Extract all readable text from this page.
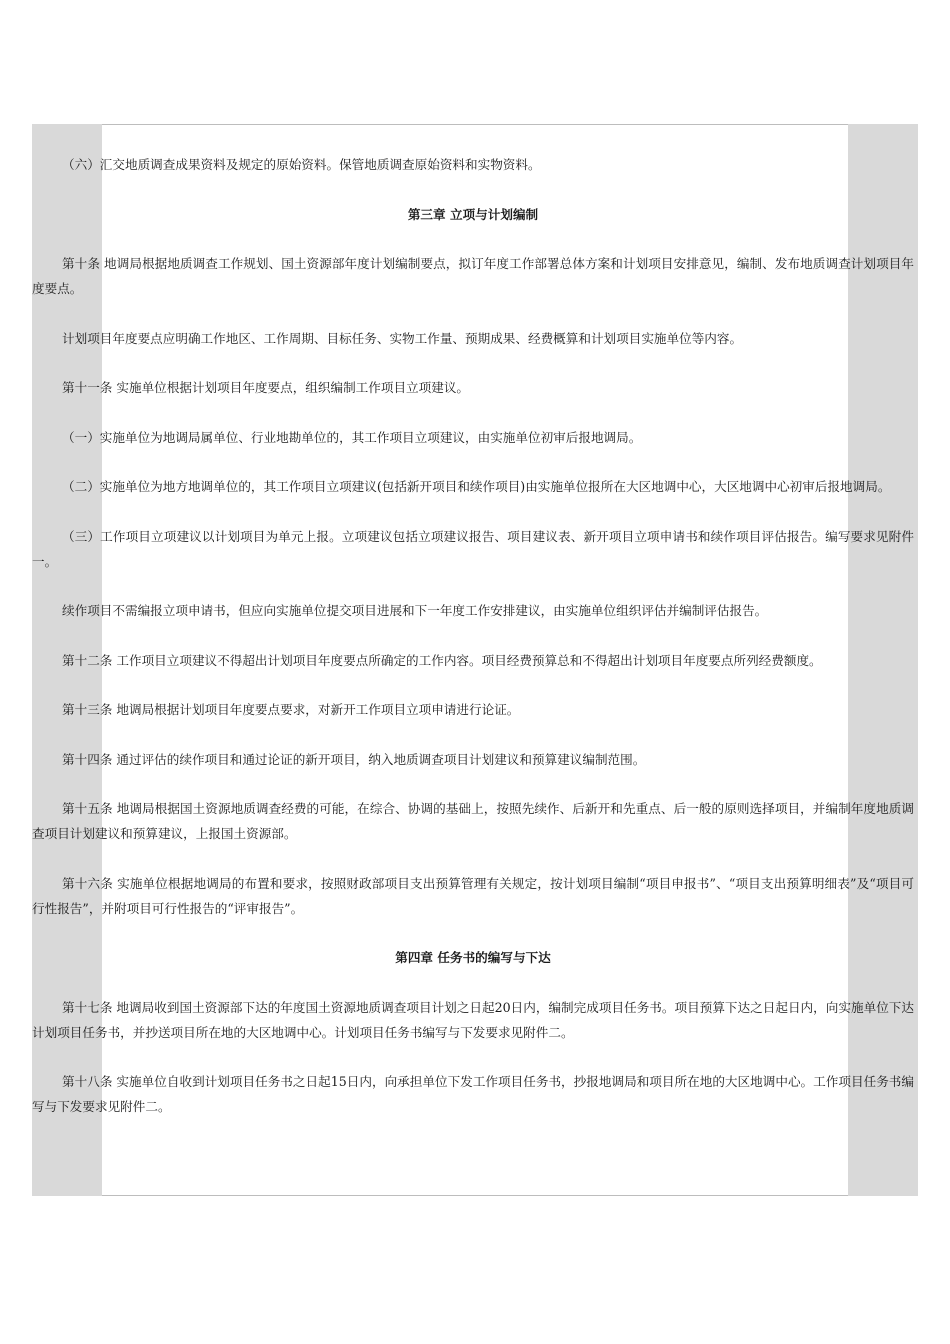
（六）汇交地质调查成果资料及规定的原始资料。保管地质调查原始资料和实物资料。

第三章 立项与计划编制

第十条 地调局根据地质调查工作规划、国土资源部年度计划编制要点，拟订年度工作部署总体方案和计划项目安排意见，编制、发布地质调查计划项目年度要点。

计划项目年度要点应明确工作地区、工作周期、目标任务、实物工作量、预期成果、经费概算和计划项目实施单位等内容。

第十一条 实施单位根据计划项目年度要点，组织编制工作项目立项建议。

（一）实施单位为地调局属单位、行业地勘单位的，其工作项目立项建议，由实施单位初审后报地调局。

（二）实施单位为地方地调单位的，其工作项目立项建议(包括新开项目和续作项目)由实施单位报所在大区地调中心，大区地调中心初审后报地调局。

（三）工作项目立项建议以计划项目为单元上报。立项建议包括立项建议报告、项目建议表、新开项目立项申请书和续作项目评估报告。编写要求见附件一。

续作项目不需编报立项申请书，但应向实施单位提交项目进展和下一年度工作安排建议，由实施单位组织评估并编制评估报告。

第十二条 工作项目立项建议不得超出计划项目年度要点所确定的工作内容。项目经费预算总和不得超出计划项目年度要点所列经费额度。

第十三条 地调局根据计划项目年度要点要求，对新开工作项目立项申请进行论证。

第十四条 通过评估的续作项目和通过论证的新开项目，纳入地质调查项目计划建议和预算建议编制范围。

第十五条 地调局根据国土资源地质调查经费的可能，在综合、协调的基础上，按照先续作、后新开和先重点、后一般的原则选择项目，并编制年度地质调查项目计划建议和预算建议，上报国土资源部。

第十六条 实施单位根据地调局的布置和要求，按照财政部项目支出预算管理有关规定，按计划项目编制“项目申报书”、“项目支出预算明细表”及“项目可行性报告”，并附项目可行性报告的“评审报告”。

第四章 任务书的编写与下达

第十七条 地调局收到国土资源部下达的年度国土资源地质调查项目计划之日起20日内，编制完成项目任务书。项目预算下达之日起日内，向实施单位下达计划项目任务书，并抄送项目所在地的大区地调中心。计划项目任务书编写与下发要求见附件二。

第十八条 实施单位自收到计划项目任务书之日起15日内，向承担单位下发工作项目任务书，抄报地调局和项目所在地的大区地调中心。工作项目任务书编写与下发要求见附件二。
